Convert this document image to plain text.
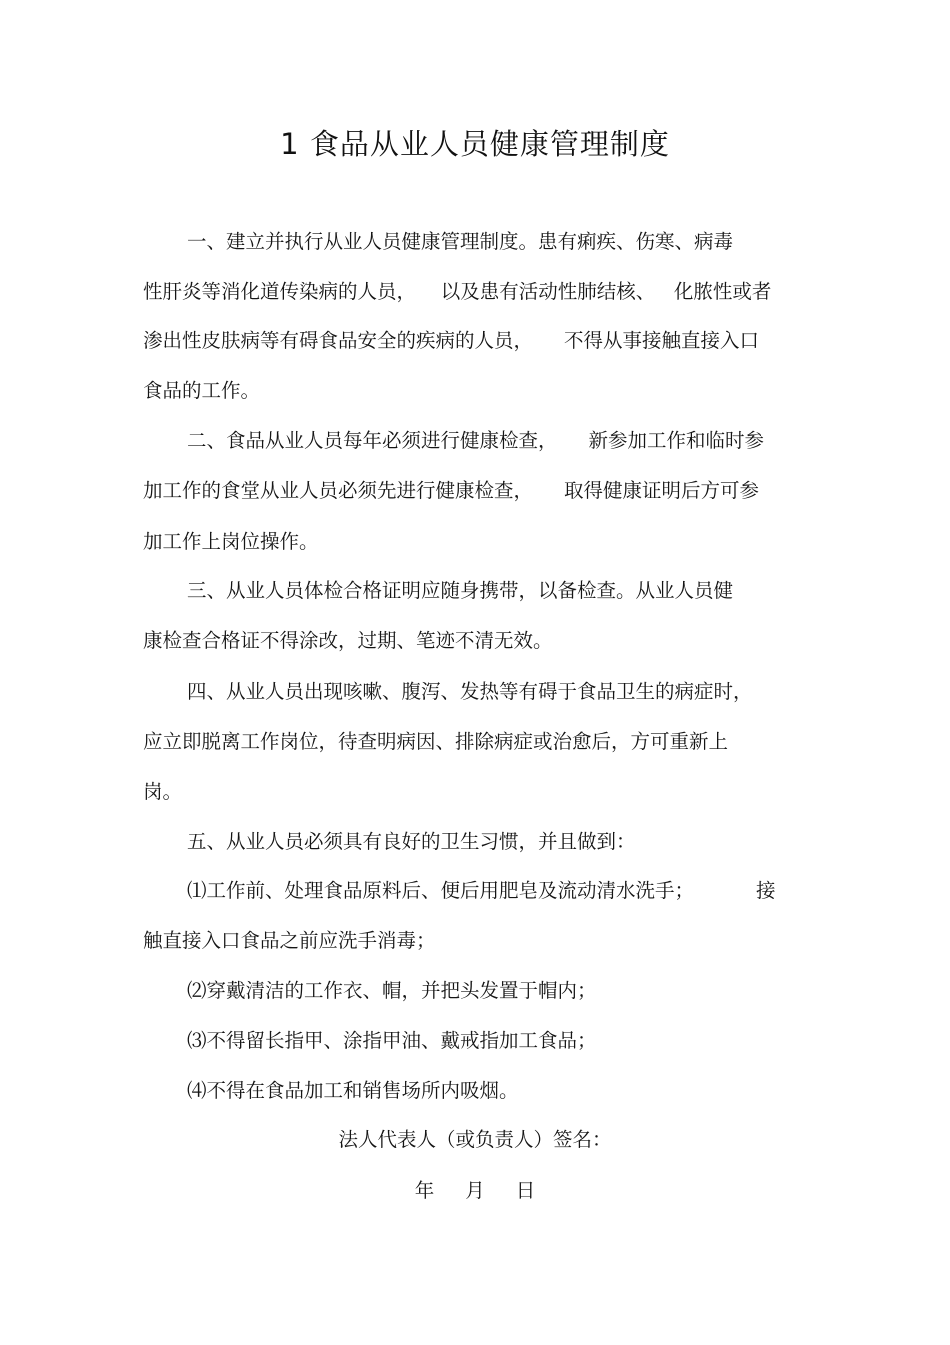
1 食品从业人员健康管理制度
一、建立并执行从业人员健康管理制度。患有痢疾、伤寒、病毒
性肝炎等消化道传染病的人员，    以及患有活动性肺结核、   化脓性或者
渗出性皮肤病等有碍食品安全的疾病的人员，     不得从事接触直接入口
食品的工作。
二、食品从业人员每年必须进行健康检查，     新参加工作和临时参
加工作的食堂从业人员必须先进行健康检查，     取得健康证明后方可参
加工作上岗位操作。
三、从业人员体检合格证明应随身携带，以备检查。从业人员健
康检查合格证不得涂改，过期、笔迹不清无效。
四、从业人员出现咳嗽、腹泻、发热等有碍于食品卫生的病症时，
应立即脱离工作岗位，待查明病因、排除病症或治愈后，方可重新上
岗。
五、从业人员必须具有良好的卫生习惯，并且做到：
⑴工作前、处理食品原料后、便后用肥皂及流动清水洗手；          接
触直接入口食品之前应洗手消毒；
⑵穿戴清洁的工作衣、帽，并把头发置于帽内；
⑶不得留长指甲、涂指甲油、戴戒指加工食品；
⑷不得在食品加工和销售场所内吸烟。
法人代表人（或负责人）签名：
年     月     日
